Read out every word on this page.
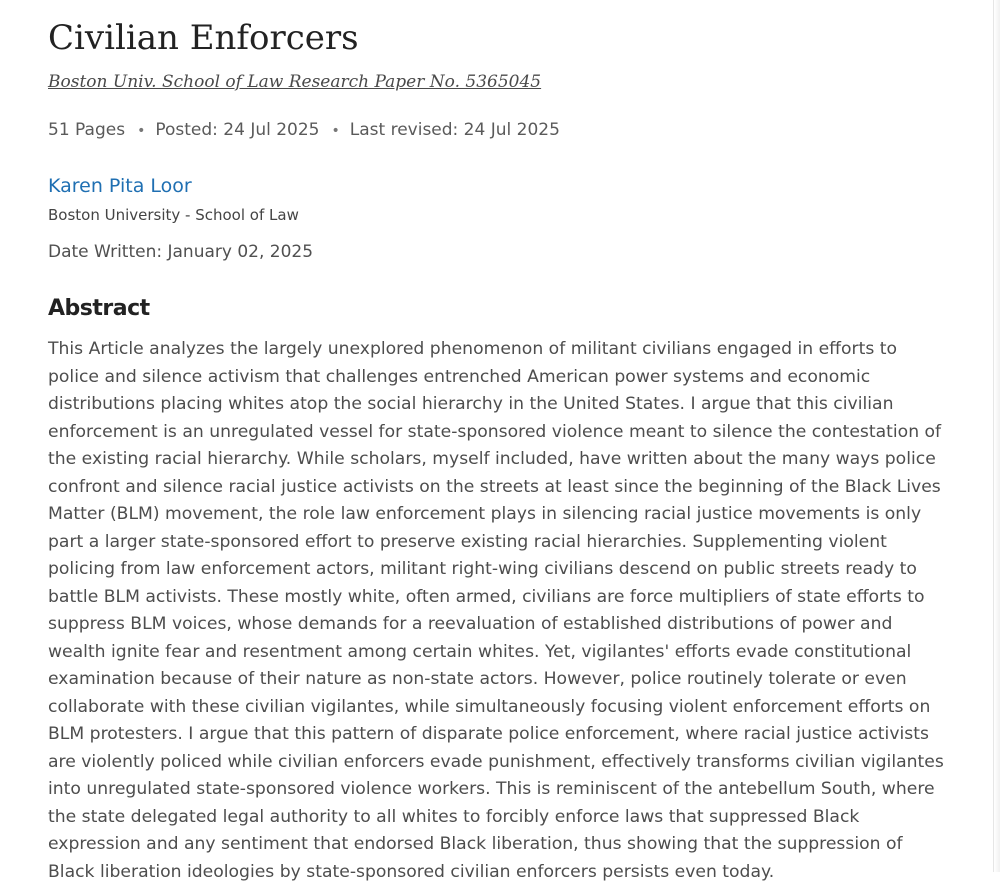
Civilian Enforcers
Boston Univ. School of Law Research Paper No. 5365045
51 Pages • Posted: 24 Jul 2025 • Last revised: 24 Jul 2025
Karen Pita Loor
Boston University - School of Law
Date Written: January 02, 2025
Abstract

This Article analyzes the largely unexplored phenomenon of militant civilians engaged in efforts to police and silence activism that challenges entrenched American power systems and economic distributions placing whites atop the social hierarchy in the United States. I argue that this civilian enforcement is an unregulated vessel for state-sponsored violence meant to silence the contestation of the existing racial hierarchy. While scholars, myself included, have written about the many ways police confront and silence racial justice activists on the streets at least since the beginning of the Black Lives Matter (BLM) movement, the role law enforcement plays in silencing racial justice movements is only part a larger state-sponsored effort to preserve existing racial hierarchies. Supplementing violent policing from law enforcement actors, militant right-wing civilians descend on public streets ready to battle BLM activists. These mostly white, often armed, civilians are force multipliers of state efforts to suppress BLM voices, whose demands for a reevaluation of established distributions of power and wealth ignite fear and resentment among certain whites. Yet, vigilantes' efforts evade constitutional examination because of their nature as non-state actors. However, police routinely tolerate or even collaborate with these civilian vigilantes, while simultaneously focusing violent enforcement efforts on BLM protesters. I argue that this pattern of disparate police enforcement, where racial justice activists are violently policed while civilian enforcers evade punishment, effectively transforms civilian vigilantes into unregulated state-sponsored violence workers. This is reminiscent of the antebellum South, where the state delegated legal authority to all whites to forcibly enforce laws that suppressed Black expression and any sentiment that endorsed Black liberation, thus showing that the suppression of Black liberation ideologies by state-sponsored civilian enforcers persists even today.
